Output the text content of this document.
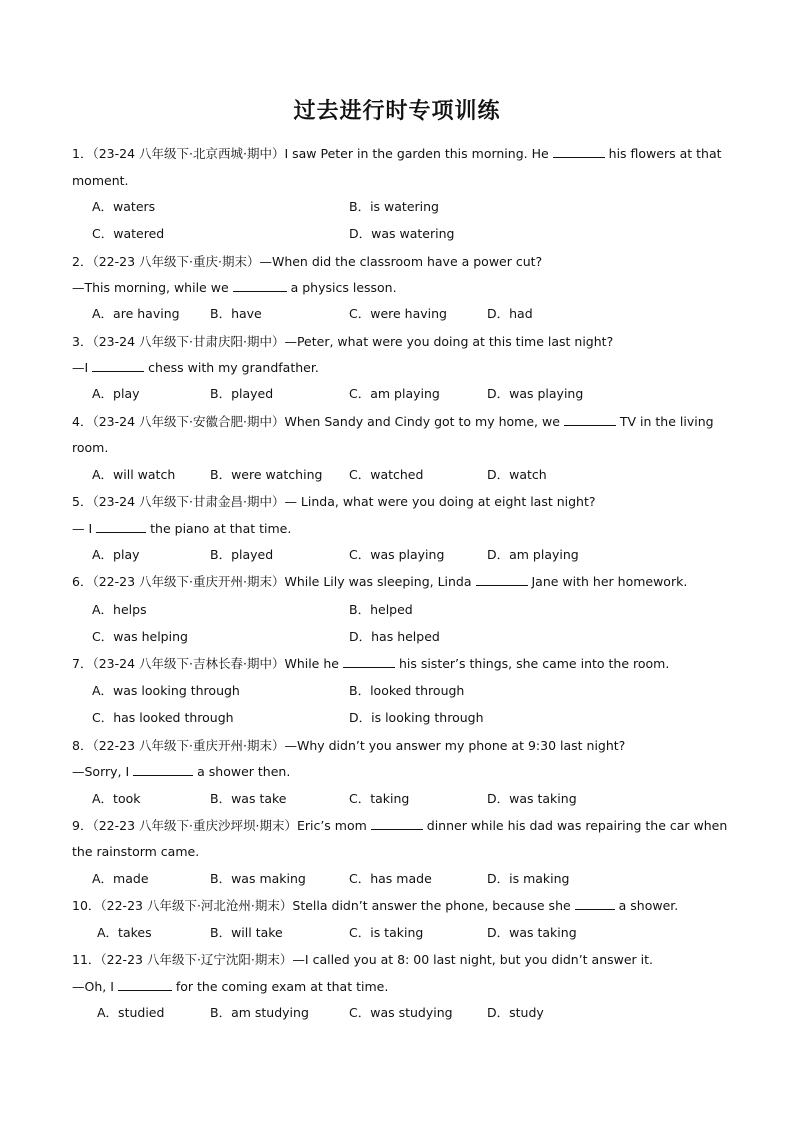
过去进行时专项训练
1．（23-24 八年级下·北京西城·期中）I saw Peter in the garden this morning. He	his flowers at that
moment.
A．waters	B．is watering
C．watered	D．was watering
2．（22-23 八年级下·重庆·期末）—When did the classroom have a power cut?
—This morning, while we	a physics lesson.
A．are having B．have	C．were having	D．had
3．（23-24 八年级下·甘肃庆阳·期中）—Peter, what were you doing at this time last night?
—I	chess with my grandfather.
A．play	B．played	C．am playing	D．was playing
4．（23-24 八年级下·安徽合肥·期中）When Sandy and Cindy got to my home, we	TV in the living
room.
A．will watch	B．were watching C．watched	D．watch
5．（23-24 八年级下·甘肃金昌·期中）— Linda, what were you doing at eight last night?
— I	the piano at that time.
A．play	B．played	C．was playing	D．am playing
6．（22-23 八年级下·重庆开州·期末）While Lily was sleeping, Linda	Jane with her homework.
A．helps	B．helped
C．was helping	D．has helped
7．（23-24 八年级下·吉林长春·期中）While he	his sister’s things, she came into the room.
A．was looking through	B．looked through
C．has looked through	D．is looking through
8．（22-23 八年级下·重庆开州·期末）—Why didn’t you answer my phone at 9:30 last night?
—Sorry, I	a shower then.
A．took	B．was take	C．taking	D．was taking
9．（22-23 八年级下·重庆沙坪坝·期末）Eric’s mom	dinner while his dad was repairing the car when
the rainstorm came.
A．made	B．was making	C．has made	D．is making
10．（22-23 八年级下·河北沧州·期末）Stella didn’t answer the phone, because she	a shower.
A．takes	B．will take	C．is taking	D．was taking
11．（22-23 八年级下·辽宁沈阳·期末）—I called you at 8: 00 last night, but you didn’t answer it.
—Oh, I	for the coming exam at that time.
A．studied	B．am studying	C．was studying	D．study
